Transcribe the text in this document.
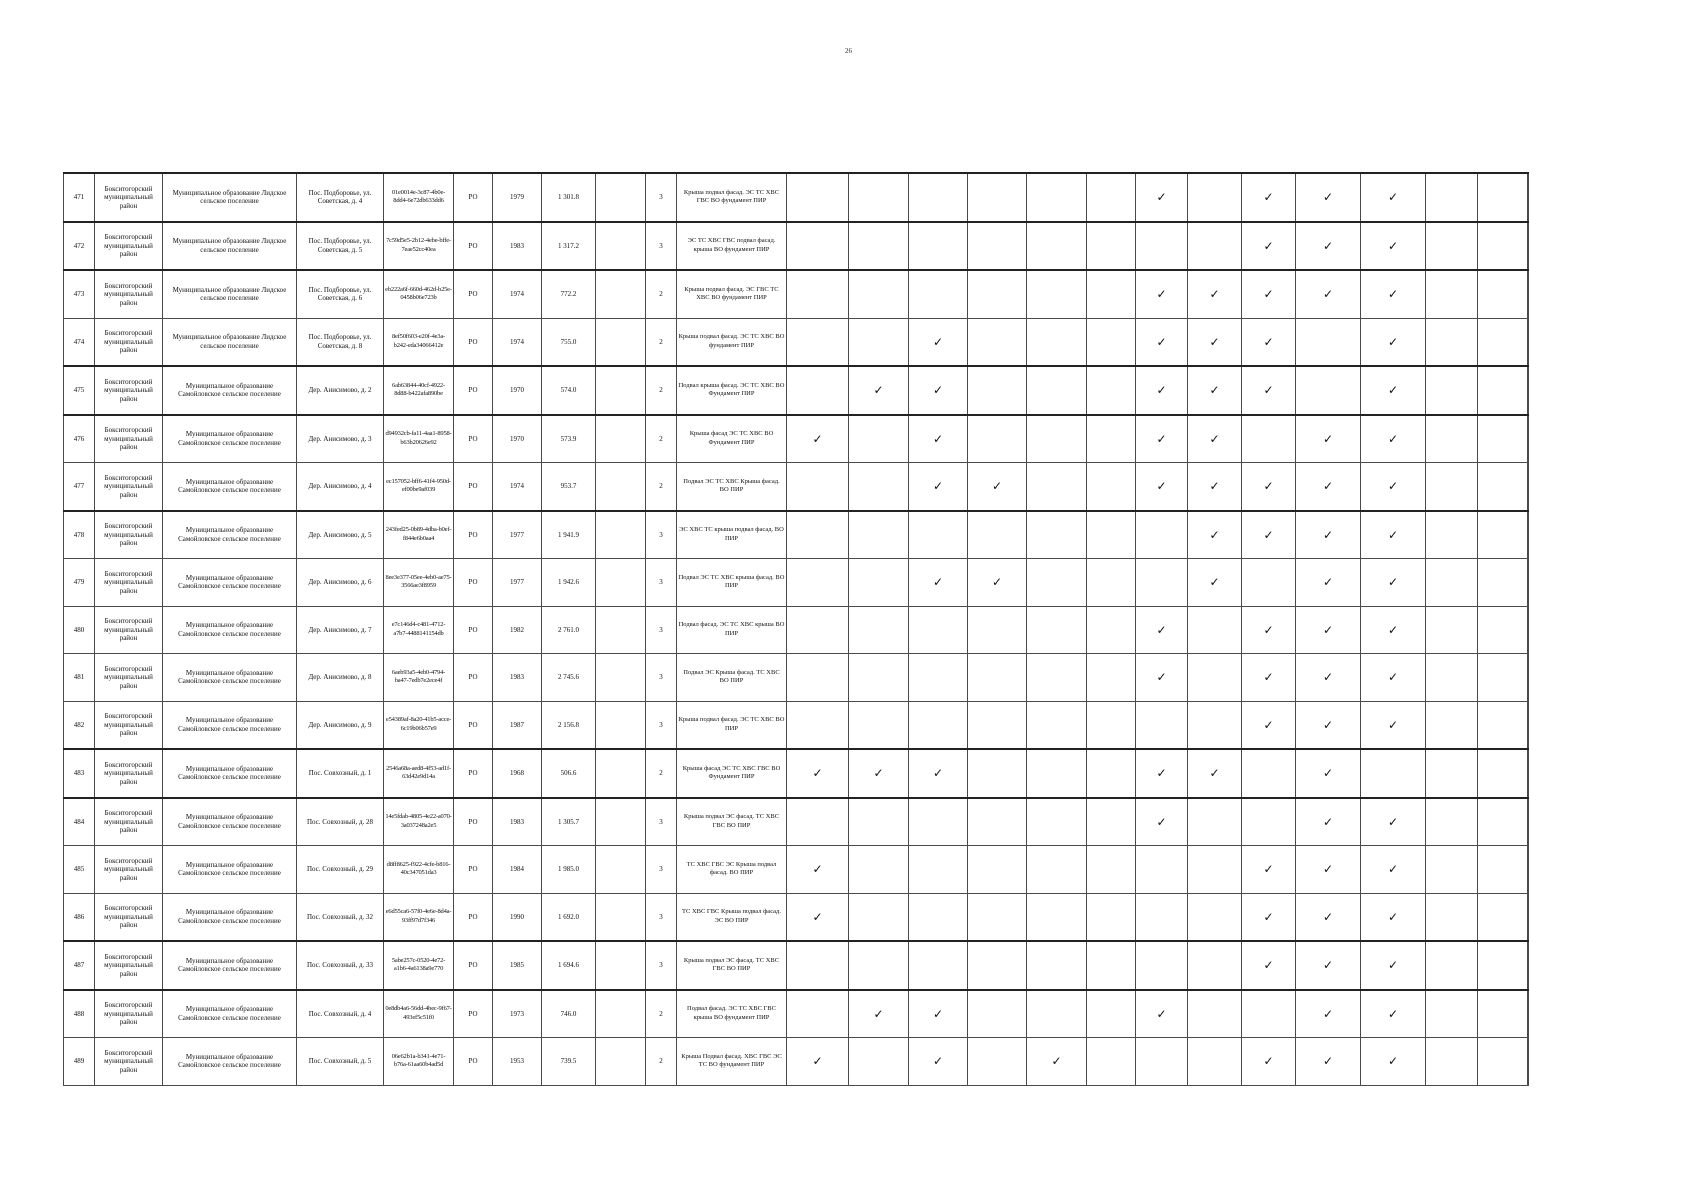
26
471	Бокситогорский муниципальный район	Муниципальное образование Лидское сельское поселение	Пос. Подборовье, ул. Советская, д. 4	01e0014e-3c87-4b0e-8dd4-6e72db633dd6	РО	1979	1 301.8		3	Крыша подвал фасад. ЭС ТС ХВС ГВС ВО фундамент ПИР							✓		✓	✓	✓			
472	Бокситогорский муниципальный район	Муниципальное образование Лидское сельское поселение	Пос. Подборовье, ул. Советская, д. 5	7c59d5e5-2b12-4ebe-bffe-7eae52cc40ea	РО	1983	1 317.2		3	ЭС ТС ХВС ГВС подвал фасад. крыша ВО фундамент ПИР									✓	✓	✓			
473	Бокситогорский муниципальный район	Муниципальное образование Лидское сельское поселение	Пос. Подборовье, ул. Советская, д. 6	eb222a6f-660d-462d-b25e-0458b06e723b	РО	1974	772.2		2	Крыша подвал фасад. ЭС ГВС ТС ХВС ВО фундамент ПИР							✓	✓	✓	✓	✓			
474	Бокситогорский муниципальный район	Муниципальное образование Лидское сельское поселение	Пос. Подборовье, ул. Советская, д. 8	8ef50f603-e20f-4e3a-b242-eda34066412e	РО	1974	755.0		2	Крыша подвал фасад. ЭС ТС ХВС ВО фундамент ПИР			✓				✓	✓	✓		✓			
475	Бокситогорский муниципальный район	Муниципальное образование Самойловское сельское поселение	Дер. Анисимово, д. 2	6ab63844-40cf-4922-8d88-b422afa890be	РО	1970	574.0		2	Подвал крыша фасад. ЭС ТС ХВС ВО Фундамент ПИР		✓	✓				✓	✓	✓		✓			
476	Бокситогорский муниципальный район	Муниципальное образование Самойловское сельское поселение	Дер. Анисимово, д. 3	d94932cb-fa11-4aa1-8958-b63b20626e92	РО	1970	573.9		2	Крыша фасад ЭС ТС ХВС ВО Фундамент ПИР	✓		✓				✓	✓		✓	✓			
477	Бокситогорский муниципальный район	Муниципальное образование Самойловское сельское поселение	Дер. Анисимово, д. 4	ec157052-bff6-41f4-950d-ef00be9af039	РО	1974	953.7		2	Подвал ЭС ТС ХВС Крыша фасад. ВО ПИР			✓	✓			✓	✓	✓	✓	✓			
478	Бокситогорский муниципальный район	Муниципальное образование Самойловское сельское поселение	Дер. Анисимово, д. 5	243fed25-0b89-4dba-b0ef-f844e6b0aa4	РО	1977	1 941.9		3	ЭС ХВС ТС крыша подвал фасад. ВО ПИР								✓	✓	✓	✓			
479	Бокситогорский муниципальный район	Муниципальное образование Самойловское сельское поселение	Дер. Анисимово, д. 6	8ee3e377-05ee-4eb0-ae75-3566ae3f8959	РО	1977	1 942.6		3	Подвал ЭС ТС ХВС крыша фасад. ВО ПИР			✓	✓				✓		✓	✓			
480	Бокситогорский муниципальный район	Муниципальное образование Самойловское сельское поселение	Дер. Анисимово, д. 7	e7c146d4-c481-4712-a7b7-4488141154db	РО	1982	2 761.0		3	Подвал фасад. ЭС ТС ХВС крыша ВО ПИР							✓		✓	✓	✓			
481	Бокситогорский муниципальный район	Муниципальное образование Самойловское сельское поселение	Дер. Анисимово, д. 8	6aeb93a5-4eb0-4794-ba47-7edb7e2ece4f	РО	1983	2 745.6		3	Подвал ЭС Крыша фасад. ТС ХВС ВО ПИР							✓		✓	✓	✓			
482	Бокситогорский муниципальный район	Муниципальное образование Самойловское сельское поселение	Дер. Анисимово, д. 9	e54389af-8a20-41b5-acce-6c19b06b57e9	РО	1987	2 156.8		3	Крыша подвал фасад. ЭС ТС ХВС ВО ПИР									✓	✓	✓			
483	Бокситогорский муниципальный район	Муниципальное образование Самойловское сельское поселение	Пос. Совхозный, д. 1	2546a68a-aed8-4f53-ad1f-63d42e9d14a	РО	1968	506.6		2	Крыша фасад ЭС ТС ХВС ГВС ВО Фундамент ПИР	✓	✓	✓				✓	✓		✓				
484	Бокситогорский муниципальный район	Муниципальное образование Самойловское сельское поселение	Пос. Совхозный, д. 28	14e5fdab-4805-4e22-a070-3a037248a2e5	РО	1983	1 305.7		3	Крыша подвал ЭС фасад. ТС ХВС ГВС ВО ПИР							✓			✓	✓			
485	Бокситогорский муниципальный район	Муниципальное образование Самойловское сельское поселение	Пос. Совхозный, д. 29	d8ff8625-f922-4cfe-b816-40c347051da3	РО	1984	1 985.0		3	ТС ХВС ГВС ЭС Крыша подвал фасад. ВО ПИР	✓								✓	✓	✓			
486	Бокситогорский муниципальный район	Муниципальное образование Самойловское сельское поселение	Пос. Совхозный, д. 32	e6d55ca6-57f0-4e6e-8d4a-93ff97d7f346	РО	1990	1 692.0		3	ТС ХВС ГВС Крыша подвал фасад. ЭС ВО ПИР	✓								✓	✓	✓			
487	Бокситогорский муниципальный район	Муниципальное образование Самойловское сельское поселение	Пос. Совхозный, д. 33	5abe257c-0520-4e72-a1b6-4a6138a9e770	РО	1985	1 694.6		3	Крыша подвал ЭС фасад. ТС ХВС ГВС ВО ПИР									✓	✓	✓			
488	Бокситогорский муниципальный район	Муниципальное образование Самойловское сельское поселение	Пос. Совхозный, д. 4	0e8db4a6-56dd-4bec-9f67-493ef5c51f0	РО	1973	746.0		2	Подвал фасад. ЭС ТС ХВС ГВС крыша ВО фундамент ПИР		✓	✓				✓			✓	✓			
489	Бокситогорский муниципальный район	Муниципальное образование Самойловское сельское поселение	Пос. Совхозный, д. 5	06e62b1a-b341-4e71-b76a-61aa60b4ad5d	РО	1953	739.5		2	Крыша Подвал фасад. ХВС ГВС ЭС ТС ВО фундамент ПИР	✓		✓		✓				✓	✓	✓			
